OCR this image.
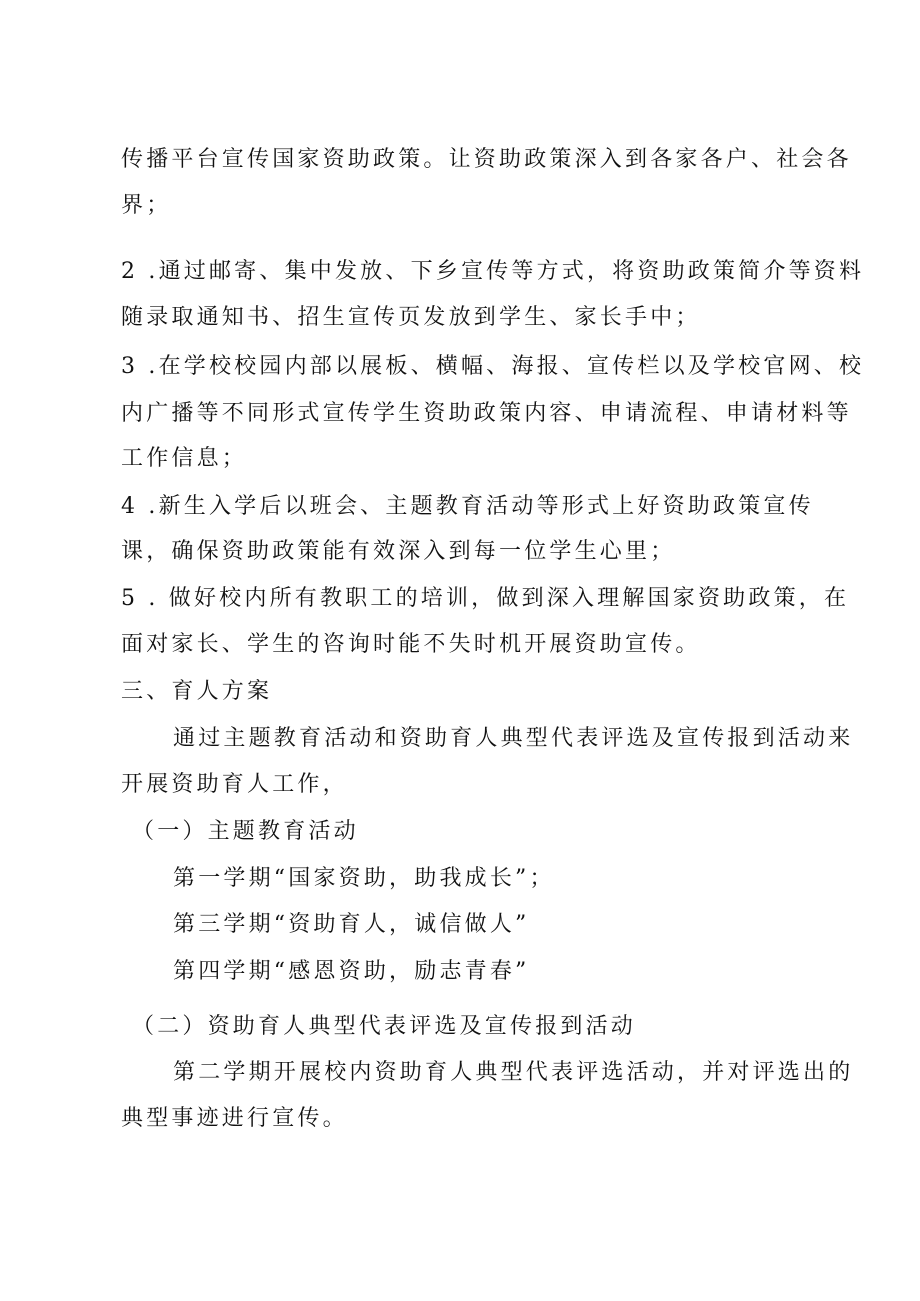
传播平台宣传国家资助政策。让资助政策深入到各家各户、社会各

界；

2 .通过邮寄、集中发放、下乡宣传等方式，将资助政策简介等资料

随录取通知书、招生宣传页发放到学生、家长手中；

3 .在学校校园内部以展板、横幅、海报、宣传栏以及学校官网、校

内广播等不同形式宣传学生资助政策内容、申请流程、申请材料等

工作信息；

4 .新生入学后以班会、主题教育活动等形式上好资助政策宣传

课，确保资助政策能有效深入到每一位学生心里；

5 . 做好校内所有教职工的培训，做到深入理解国家资助政策，在

面对家长、学生的咨询时能不失时机开展资助宣传。

三、育人方案

通过主题教育活动和资助育人典型代表评选及宣传报到活动来

开展资助育人工作，

（一）主题教育活动

第一学期“国家资助，助我成长”；

第三学期“资助育人，诚信做人”

第四学期“感恩资助，励志青春”

（二）资助育人典型代表评选及宣传报到活动

第二学期开展校内资助育人典型代表评选活动，并对评选出的

典型事迹进行宣传。
